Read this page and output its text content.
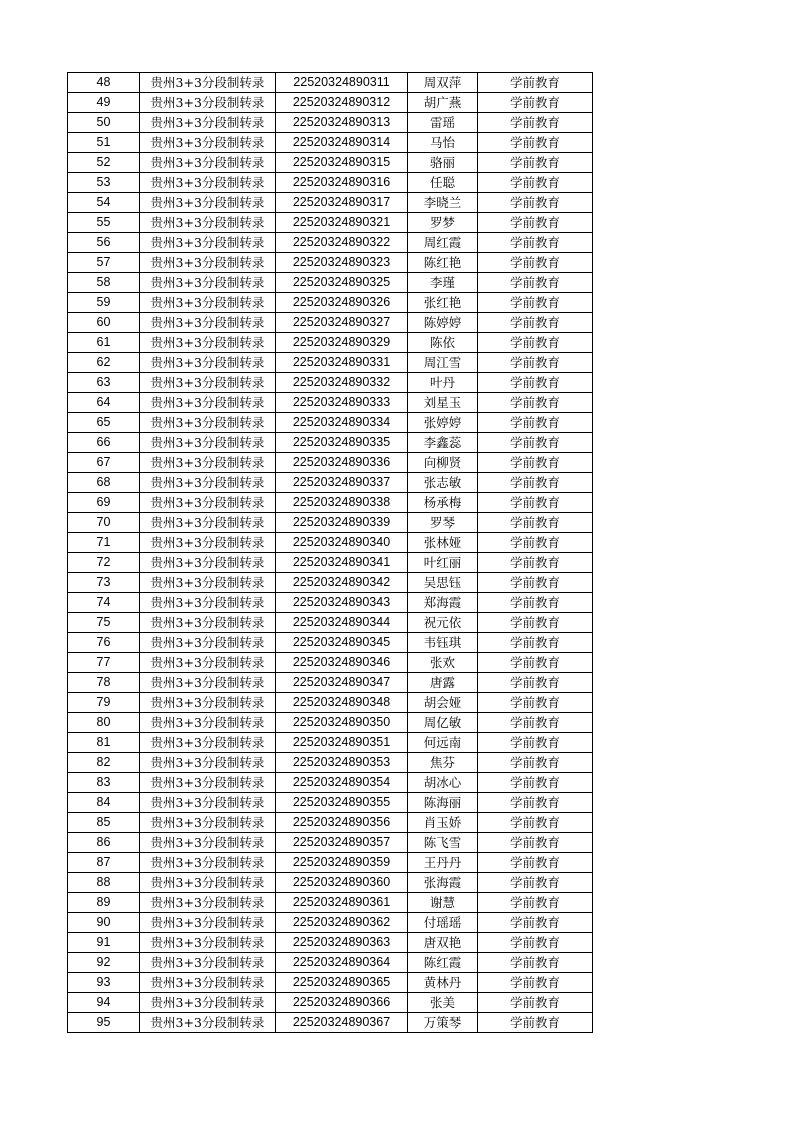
48	贵州3+3分段制转录	22520324890311	周双萍	学前教育
49	贵州3+3分段制转录	22520324890312	胡广燕	学前教育
50	贵州3+3分段制转录	22520324890313	雷瑶	学前教育
51	贵州3+3分段制转录	22520324890314	马怡	学前教育
52	贵州3+3分段制转录	22520324890315	骆丽	学前教育
53	贵州3+3分段制转录	22520324890316	任聪	学前教育
54	贵州3+3分段制转录	22520324890317	李晓兰	学前教育
55	贵州3+3分段制转录	22520324890321	罗梦	学前教育
56	贵州3+3分段制转录	22520324890322	周红霞	学前教育
57	贵州3+3分段制转录	22520324890323	陈红艳	学前教育
58	贵州3+3分段制转录	22520324890325	李瑾	学前教育
59	贵州3+3分段制转录	22520324890326	张红艳	学前教育
60	贵州3+3分段制转录	22520324890327	陈婷婷	学前教育
61	贵州3+3分段制转录	22520324890329	陈依	学前教育
62	贵州3+3分段制转录	22520324890331	周江雪	学前教育
63	贵州3+3分段制转录	22520324890332	叶丹	学前教育
64	贵州3+3分段制转录	22520324890333	刘星玉	学前教育
65	贵州3+3分段制转录	22520324890334	张婷婷	学前教育
66	贵州3+3分段制转录	22520324890335	李鑫蕊	学前教育
67	贵州3+3分段制转录	22520324890336	向柳贤	学前教育
68	贵州3+3分段制转录	22520324890337	张志敏	学前教育
69	贵州3+3分段制转录	22520324890338	杨承梅	学前教育
70	贵州3+3分段制转录	22520324890339	罗琴	学前教育
71	贵州3+3分段制转录	22520324890340	张林娅	学前教育
72	贵州3+3分段制转录	22520324890341	叶红丽	学前教育
73	贵州3+3分段制转录	22520324890342	吴思钰	学前教育
74	贵州3+3分段制转录	22520324890343	郑海霞	学前教育
75	贵州3+3分段制转录	22520324890344	祝元依	学前教育
76	贵州3+3分段制转录	22520324890345	韦钰琪	学前教育
77	贵州3+3分段制转录	22520324890346	张欢	学前教育
78	贵州3+3分段制转录	22520324890347	唐露	学前教育
79	贵州3+3分段制转录	22520324890348	胡会娅	学前教育
80	贵州3+3分段制转录	22520324890350	周亿敏	学前教育
81	贵州3+3分段制转录	22520324890351	何远南	学前教育
82	贵州3+3分段制转录	22520324890353	焦芬	学前教育
83	贵州3+3分段制转录	22520324890354	胡冰心	学前教育
84	贵州3+3分段制转录	22520324890355	陈海丽	学前教育
85	贵州3+3分段制转录	22520324890356	肖玉娇	学前教育
86	贵州3+3分段制转录	22520324890357	陈飞雪	学前教育
87	贵州3+3分段制转录	22520324890359	王丹丹	学前教育
88	贵州3+3分段制转录	22520324890360	张海霞	学前教育
89	贵州3+3分段制转录	22520324890361	谢慧	学前教育
90	贵州3+3分段制转录	22520324890362	付瑶瑶	学前教育
91	贵州3+3分段制转录	22520324890363	唐双艳	学前教育
92	贵州3+3分段制转录	22520324890364	陈红霞	学前教育
93	贵州3+3分段制转录	22520324890365	黄林丹	学前教育
94	贵州3+3分段制转录	22520324890366	张美	学前教育
95	贵州3+3分段制转录	22520324890367	万策琴	学前教育
